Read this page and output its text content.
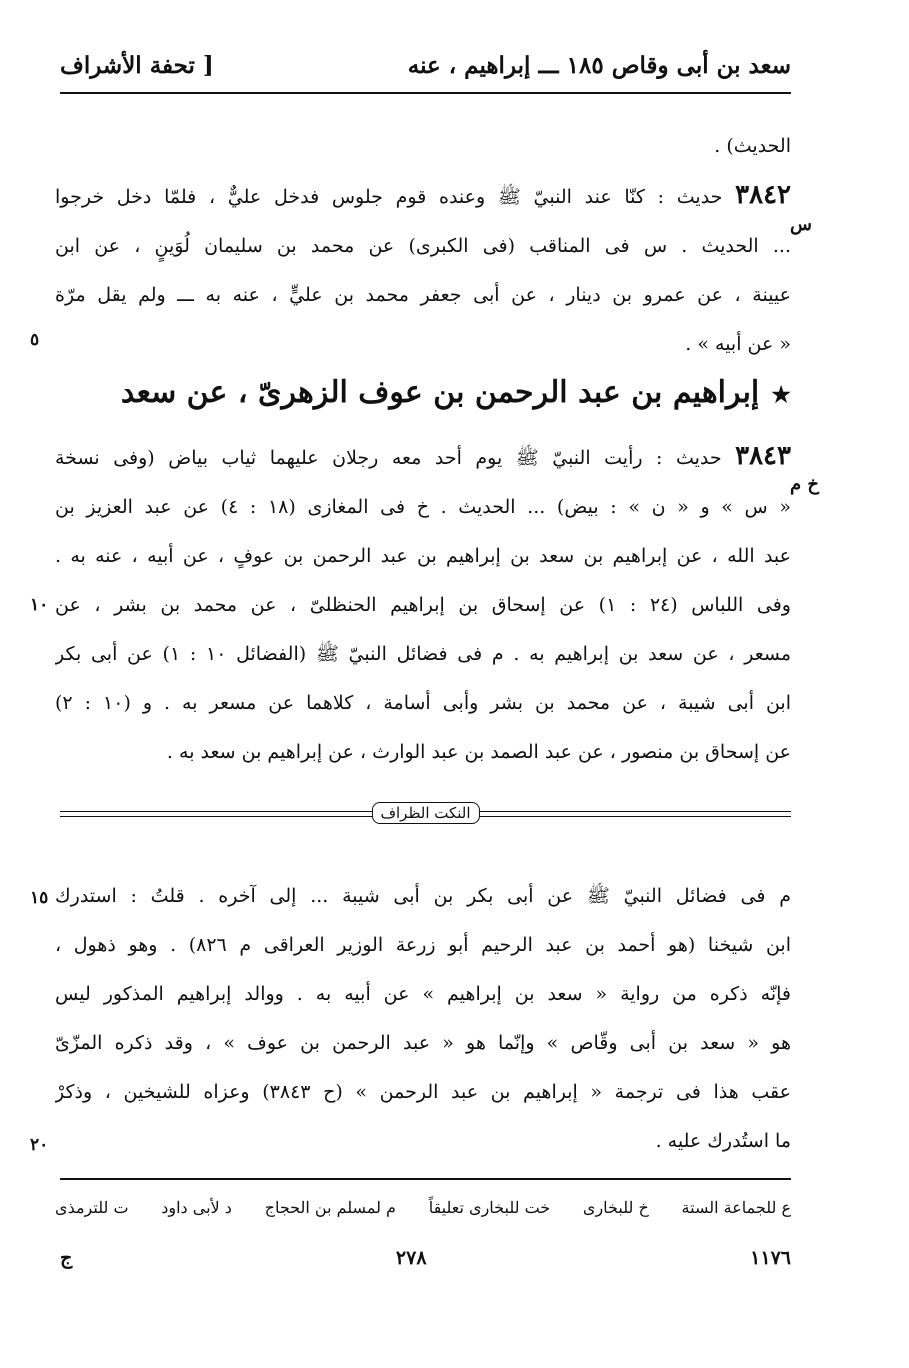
[ تحفة الأشراف	سعد بن أبى وقاص ١٨٥ ـــ إبراهيم ، عنه
الحديث) .
٣٨٤٢ حديث : كنّا عند النبيّ ﷺ وعنده قوم جلوس فدخل عليٌّ ، فلمّا دخل خرجوا
... الحديث . س فى المناقب (فى الكبرى) عن محمد بن سليمان لُوَينٍ ، عن ابن
عيينة ، عن عمرو بن دينار ، عن أبى جعفر محمد بن عليٍّ ، عنه به ـــ ولم يقل مرّة
« عن أبيه » .
س
★إبراهيم بن عبد الرحمن بن عوف الزهرىّ ، عن سعد
٣٨٤٣ حديث : رأيت النبيّ ﷺ يوم أحد معه رجلان عليهما ثياب بياض (وفى نسخة
« س » و « ن » : بيض) ... الحديث . خ فى المغازى (١٨ : ٤) عن عبد العزيز بن
عبد الله ، عن إبراهيم بن سعد بن إبراهيم بن عبد الرحمن بن عوفٍ ، عن أبيه ، عنه به .
وفى اللباس (٢٤ : ١) عن إسحاق بن إبراهيم الحنظلىّ ، عن محمد بن بشر ، عن
مسعر ، عن سعد بن إبراهيم به . م فى فضائل النبيّ ﷺ (الفضائل ١٠ : ١) عن أبى بكر
ابن أبى شيبة ، عن محمد بن بشر وأبى أسامة ، كلاهما عن مسعر به . و (١٠ : ٢)
عن إسحاق بن منصور ، عن عبد الصمد بن عبد الوارث ، عن إبراهيم بن سعد به .
خ م
النكت الظراف
م فى فضائل النبيّ ﷺ عن أبى بكر بن أبى شيبة ... إلى آخره . قلتُ : استدرك
ابن شيخنا (هو أحمد بن عبد الرحيم أبو زرعة الوزير العراقى م ٨٢٦) . وهو ذهول ،
فإنّه ذكره من رواية « سعد بن إبراهيم » عن أبيه به . ووالد إبراهيم المذكور ليس
هو « سعد بن أبى وقّاص » وإنّما هو « عبد الرحمن بن عوف » ، وقد ذكره المزّىّ
عقب هذا فى ترجمة « إبراهيم بن عبد الرحمن » (ح ٣٨٤٣) وعزاه للشيخين ، وذكرْ
ما استُدرك عليه .
٥
١٠
١٥
٢٠
ع للجماعة الستة
خ للبخارى
خت للبخارى تعليقاً
م لمسلم بن الحجاج
د لأبى داود
ت للترمذى
ج	٢٧٨	١١٧٦
